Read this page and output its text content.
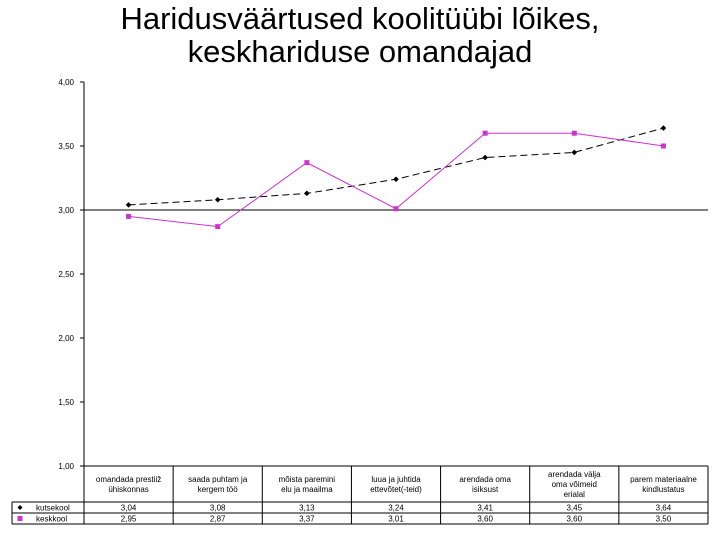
Haridusväärtused koolitüübi lõikes,
keskhariduse omandajad
1,00
1,50
2,00
2,50
3,00
3,50
4,00
omandada prestiiž
ühiskonnas
saada puhtam ja
kergem töö
mõista paremini
elu ja maailma
luua ja juhtida
ettevõtet(-teid)
arendada oma
isiksust
arendada välja
oma võimeid
erialal
parem materiaalne
kindlustatus
kutsekool	3,04	3,08	3,13	3,24	3,41	3,45	3,64
keskkool	2,95	2,87	3,37	3,01	3,60	3,60	3,50
